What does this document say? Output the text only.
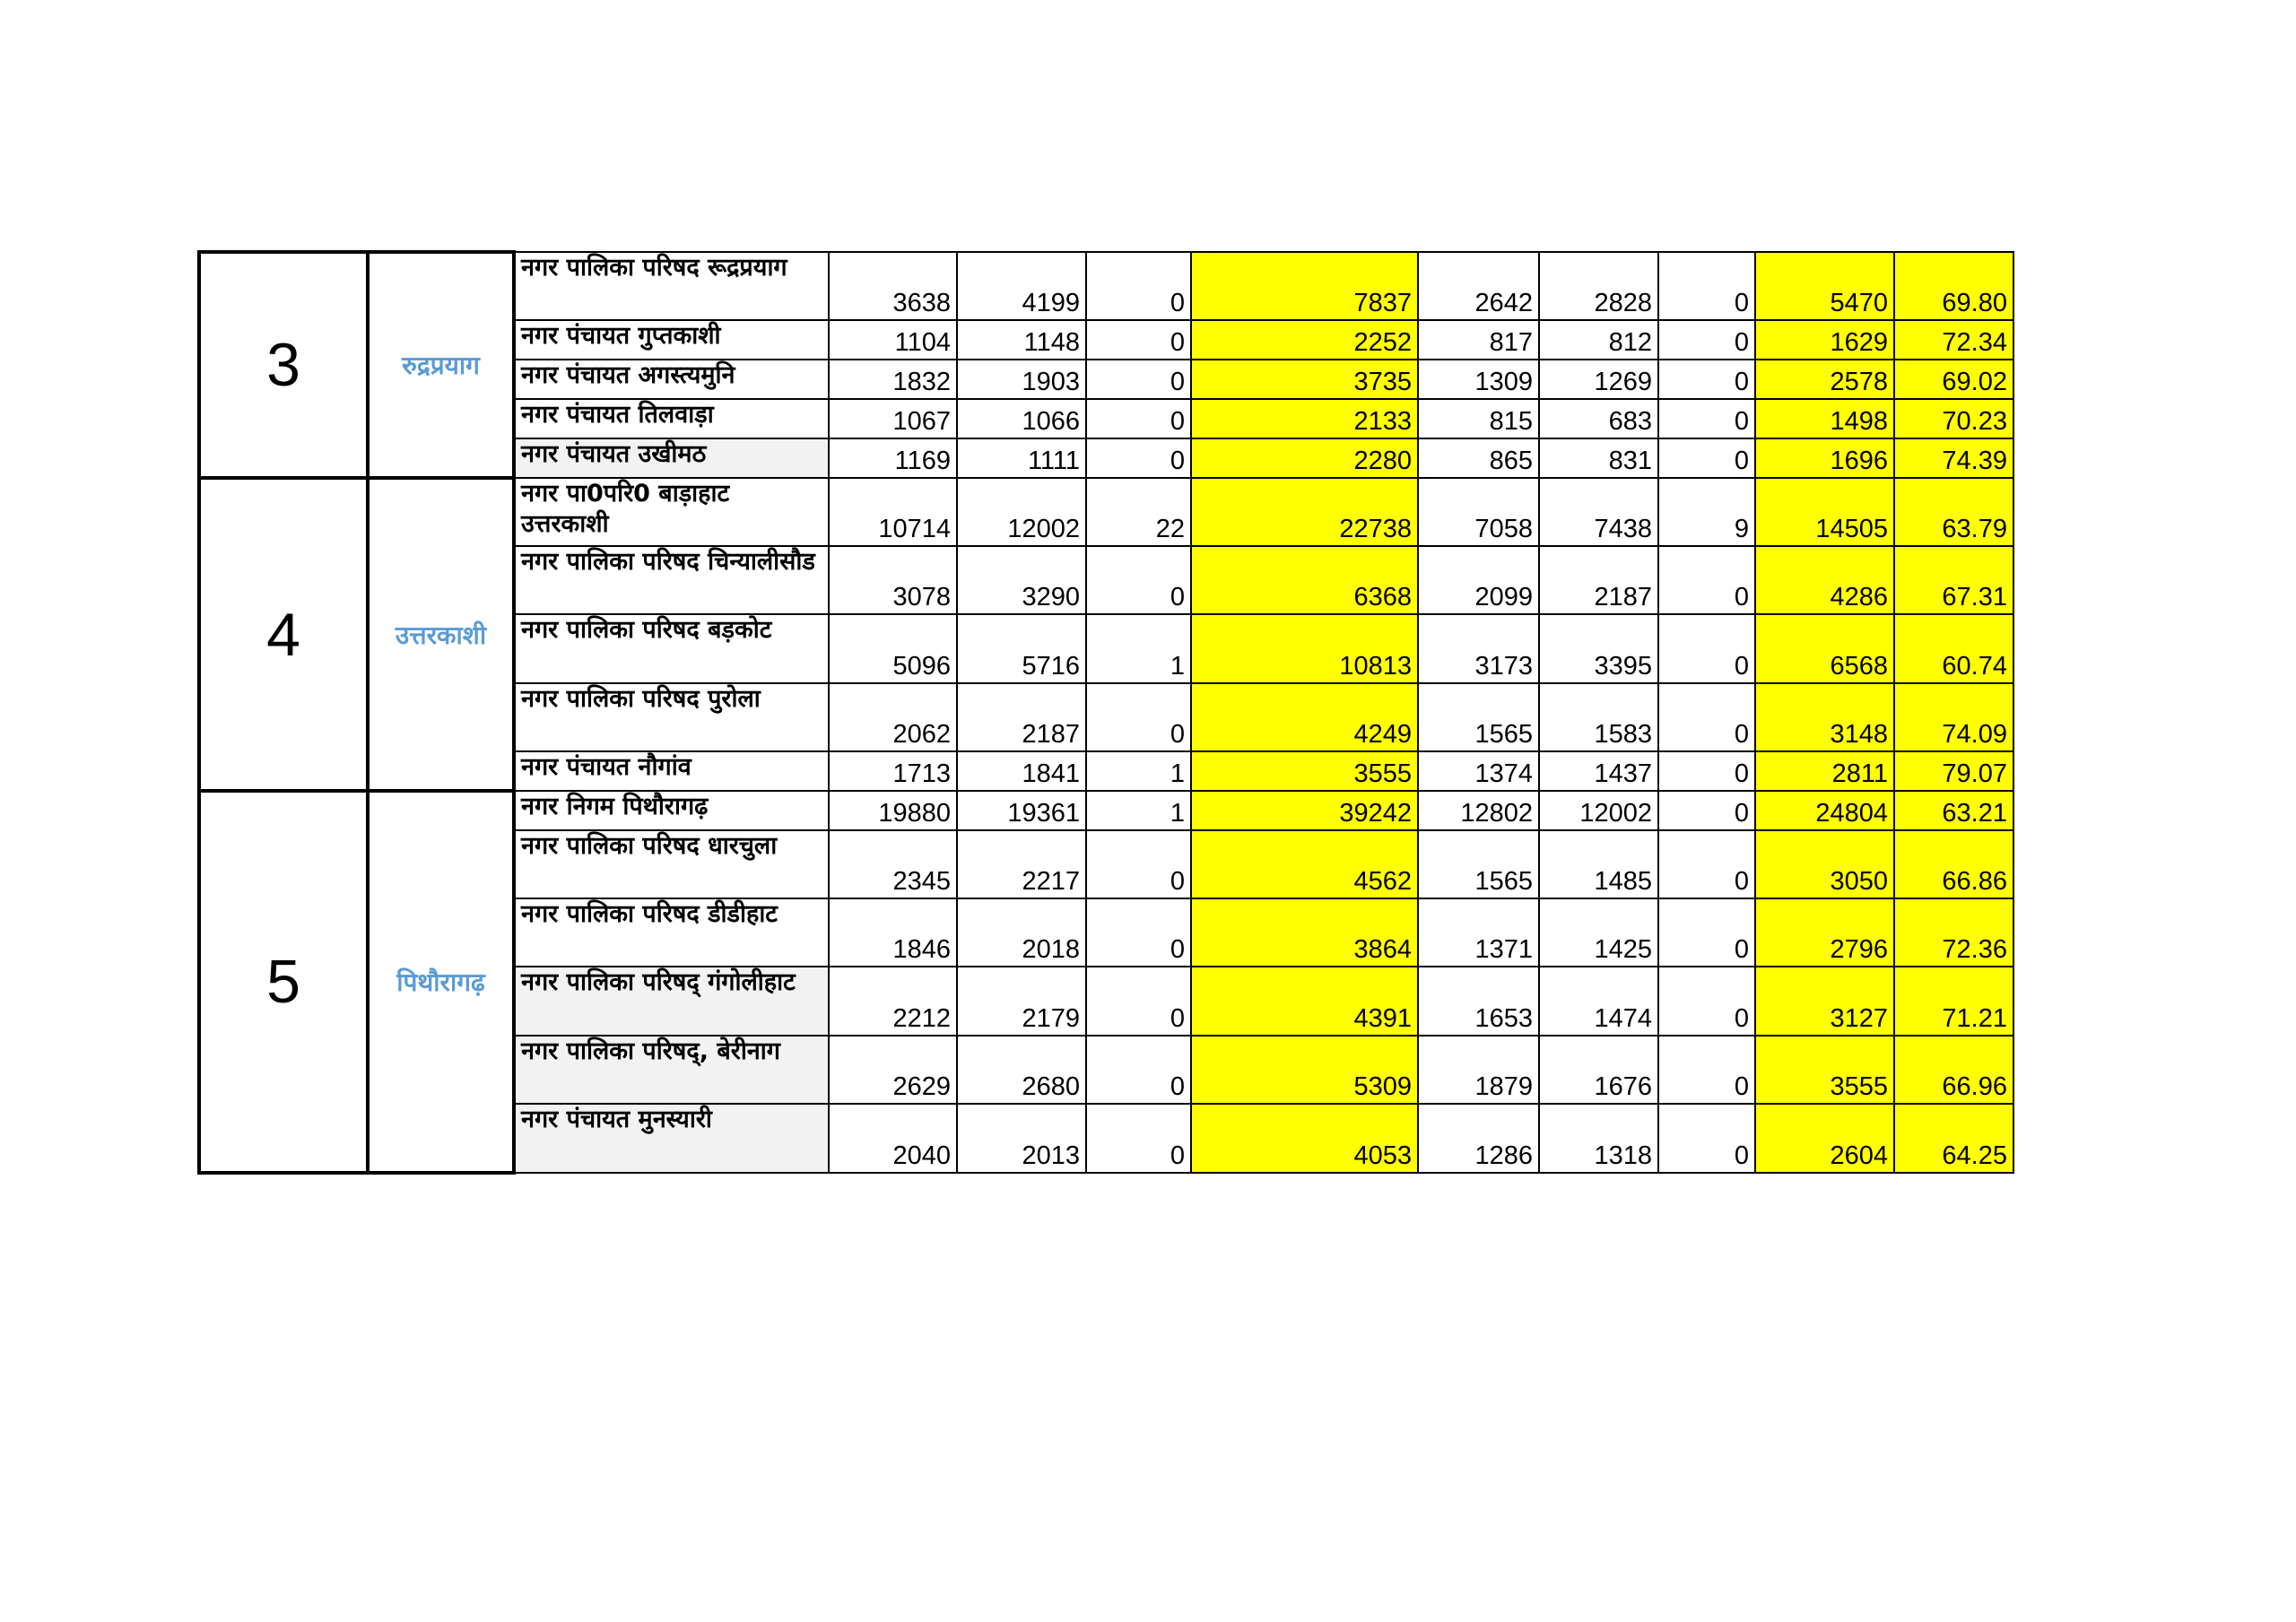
3	रुद्रप्रयाग	नगर पालिका परिषद रूद्रप्रयाग	3638	4199	0	7837	2642	2828	0	5470	69.80
		नगर पंचायत गुप्तकाशी	1104	1148	0	2252	817	812	0	1629	72.34
		नगर पंचायत अगस्त्यमुनि	1832	1903	0	3735	1309	1269	0	2578	69.02
		नगर पंचायत तिलवाड़ा	1067	1066	0	2133	815	683	0	1498	70.23
		नगर पंचायत उखीमठ	1169	1111	0	2280	865	831	0	1696	74.39
4	उत्तरकाशी	नगर पा0परि0 बाड़ाहाट उत्तरकाशी	10714	12002	22	22738	7058	7438	9	14505	63.79
		नगर पालिका परिषद चिन्यालीसौड	3078	3290	0	6368	2099	2187	0	4286	67.31
		नगर पालिका परिषद बड़कोट	5096	5716	1	10813	3173	3395	0	6568	60.74
		नगर पालिका परिषद पुरोला	2062	2187	0	4249	1565	1583	0	3148	74.09
		नगर पंचायत नौगांव	1713	1841	1	3555	1374	1437	0	2811	79.07
5	पिथौरागढ़	नगर निगम पिथौरागढ़	19880	19361	1	39242	12802	12002	0	24804	63.21
		नगर पालिका परिषद धारचुला	2345	2217	0	4562	1565	1485	0	3050	66.86
		नगर पालिका परिषद डीडीहाट	1846	2018	0	3864	1371	1425	0	2796	72.36
		नगर पालिका परिषद् गंगोलीहाट	2212	2179	0	4391	1653	1474	0	3127	71.21
		नगर पालिका परिषद्, बेरीनाग	2629	2680	0	5309	1879	1676	0	3555	66.96
		नगर पंचायत मुनस्यारी	2040	2013	0	4053	1286	1318	0	2604	64.25
